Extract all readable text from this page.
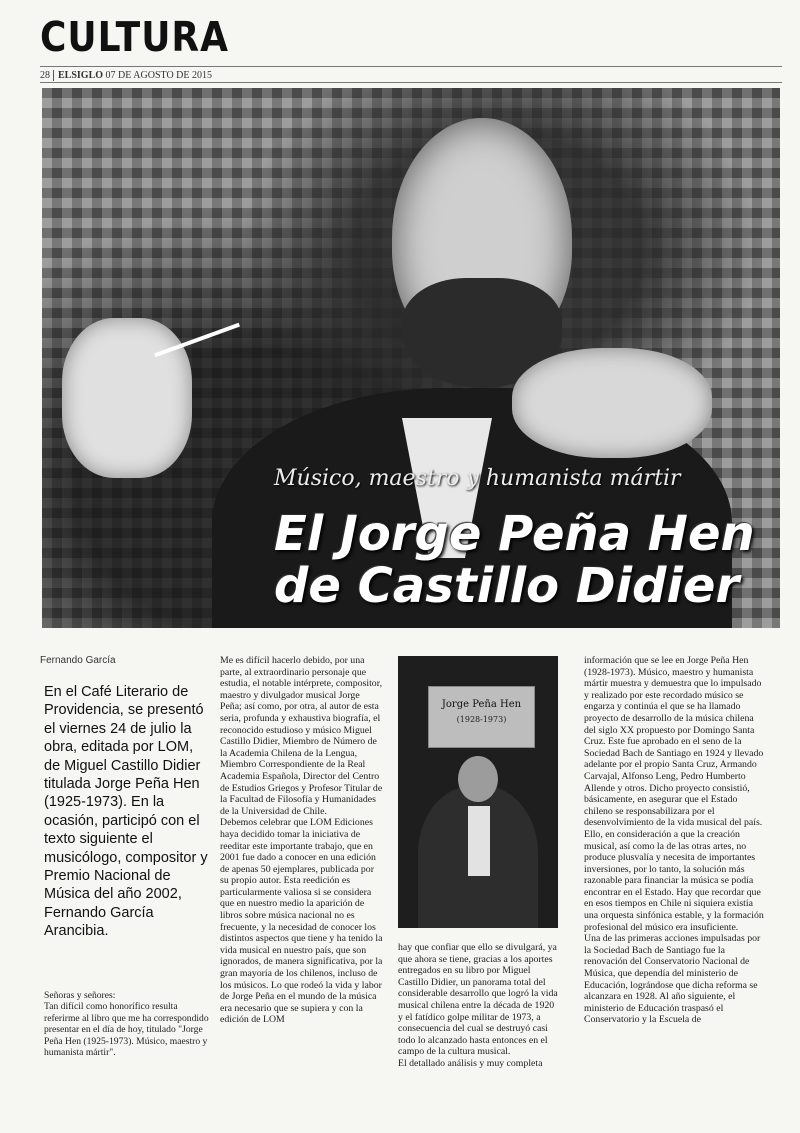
CULTURA
28 ELSIGLO 07 DE AGOSTO DE 2015
Músico, maestro y humanista mártir
El Jorge Peña Hen
de Castillo Didier
Fernando García
En el Café Literario de Providencia, se presentó el viernes 24 de julio la obra, editada por LOM, de Miguel Castillo Didier titulada Jorge Peña Hen (1925-1973). En la ocasión, participó con el texto siguiente el musicólogo, compositor y Premio Nacional de Música del año 2002, Fernando García Arancibia.
Señoras y señores:
Tan difícil como honorífico resulta referirme al libro que me ha correspondido presentar en el día de hoy, titulado "Jorge Peña Hen (1925-1973). Músico, maestro y humanista mártir".

Me es difícil hacerlo debido, por una parte, al extraordinario personaje que estudia, el notable intérprete, compositor, maestro y divulgador musical Jorge Peña; así como, por otra, al autor de esta seria, profunda y exhaustiva biografía, el reconocido estudioso y músico Miguel Castillo Didier, Miembro de Número de la Academia Chilena de la Lengua, Miembro Correspondiente de la Real Academia Española, Director del Centro de Estudios Griegos y Profesor Titular de la Facultad de Filosofía y Humanidades de la Universidad de Chile.

Debemos celebrar que LOM Ediciones haya decidido tomar la iniciativa de reeditar este importante trabajo, que en 2001 fue dado a conocer en una edición de apenas 50 ejemplares, publicada por su propio autor. Esta reedición es particularmente valiosa si se considera que en nuestro medio la aparición de libros sobre música nacional no es frecuente, y la necesidad de conocer los distintos aspectos que tiene y ha tenido la vida musical en nuestro país, que son ignorados, de manera significativa, por la gran mayoría de los chilenos, incluso de los músicos. Lo que rodeó la vida y labor de Jorge Peña en el mundo de la música era necesario que se supiera y con la edición de LOM

Jorge Peña Hen
(1928-1973)

hay que confiar que ello se divulgará, ya que ahora se tiene, gracias a los aportes entregados en su libro por Miguel Castillo Didier, un panorama total del considerable desarrollo que logró la vida musical chilena entre la década de 1920 y el fatídico golpe militar de 1973, a consecuencia del cual se destruyó casi todo lo alcanzado hasta entonces en el campo de la cultura musical.

El detallado análisis y muy completa

información que se lee en Jorge Peña Hen (1928-1973). Músico, maestro y humanista mártir muestra y demuestra que lo impulsado y realizado por este recordado músico se engarza y continúa el que se ha llamado proyecto de desarrollo de la música chilena del siglo XX propuesto por Domingo Santa Cruz. Este fue aprobado en el seno de la Sociedad Bach de Santiago en 1924 y llevado adelante por el propio Santa Cruz, Armando Carvajal, Alfonso Leng, Pedro Humberto Allende y otros. Dicho proyecto consistió, básicamente, en asegurar que el Estado chileno se responsabilizara por el desenvolvimiento de la vida musical del país. Ello, en consideración a que la creación musical, así como la de las otras artes, no produce plusvalía y necesita de importantes inversiones, por lo tanto, la solución más razonable para financiar la música se podía encontrar en el Estado. Hay que recordar que en esos tiempos en Chile ni siquiera existía una orquesta sinfónica estable, y la formación profesional del músico era insuficiente.

Una de las primeras acciones impulsadas por la Sociedad Bach de Santiago fue la renovación del Conservatorio Nacional de Música, que dependía del ministerio de Educación, lográndose que dicha reforma se alcanzara en 1928. Al año siguiente, el ministerio de Educación traspasó el Conservatorio y la Escuela de
